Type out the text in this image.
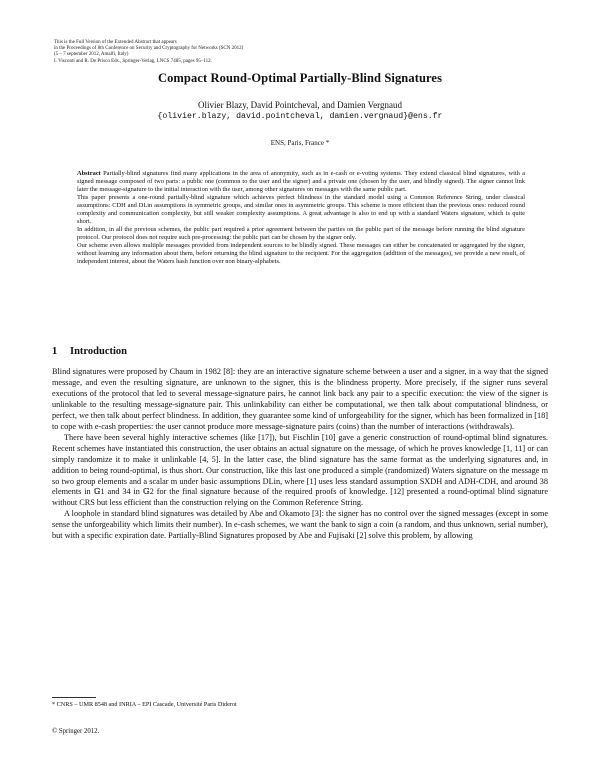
This is the Full Version of the Extended Abstract that appears
in the Proceedings of 8th Conference on Security and Cryptography for Networks (SCN 2012)
(5 – 7 september 2012, Amalfi, Italy)
I. Visconti and R. De Prisco Eds., Springer-Verlag, LNCS 7485, pages 95–112.
Compact Round-Optimal Partially-Blind Signatures
Olivier Blazy, David Pointcheval, and Damien Vergnaud
{olivier.blazy, david.pointcheval, damien.vergnaud}@ens.fr
ENS, Paris, France *

Abstract Partially-blind signatures find many applications in the area of anonymity, such as in e-cash or e-voting systems. They extend classical blind signatures, with a signed message composed of two parts: a public one (common to the user and the signer) and a private one (chosen by the user, and blindly signed). The signer cannot link later the message-signature to the initial interaction with the user, among other signatures on messages with the same public part.

This paper presents a one-round partially-blind signature which achieves perfect blindness in the standard model using a Common Reference String, under classical assumptions: CDH and DLin assumptions in symmetric groups, and similar ones in asymmetric groups. This scheme is more efficient than the previous ones: reduced round complexity and communication complexity, but still weaker complexity assumptions. A great advantage is also to end up with a standard Waters signature, which is quite short.

In addition, in all the previous schemes, the public part required a prior agreement between the parties on the public part of the message before running the blind signature protocol. Our protocol does not require such pre-processing: the public part can be chosen by the signer only.

Our scheme even allows multiple messages provided from independent sources to be blindly signed. These messages can either be concatenated or aggregated by the signer, without learning any information about them, before returning the blind signature to the recipient. For the aggregation (addition of the messages), we provide a new result, of independent interest, about the Waters hash function over non binary-alphabets.

1 Introduction

Blind signatures were proposed by Chaum in 1982 [8]: they are an interactive signature scheme between a user and a signer, in a way that the signed message, and even the resulting signature, are unknown to the signer, this is the blindness property. More precisely, if the signer runs several executions of the protocol that led to several message-signature pairs, he cannot link back any pair to a specific execution: the view of the signer is unlinkable to the resulting message-signature pair. This unlinkability can either be computational, we then talk about computational blindness, or perfect, we then talk about perfect blindness. In addition, they guarantee some kind of unforgeability for the signer, which has been formalized in [18] to cope with e-cash properties: the user cannot produce more message-signature pairs (coins) than the number of interactions (withdrawals).

There have been several highly interactive schemes (like [17]), but Fischlin [10] gave a generic construction of round-optimal blind signatures. Recent schemes have instantiated this construction, the user obtains an actual signature on the message, of which he proves knowledge [1, 11] or can simply randomize it to make it unlinkable [4, 5]. In the latter case, the blind signature has the same format as the underlying signatures and, in addition to being round-optimal, is thus short. Our construction, like this last one produced a simple (randomized) Waters signature on the message m so two group elements and a scalar m under basic assumptions DLin, where [1] uses less standard assumption SXDH and ADH-CDH, and around 38 elements in 𝔾1 and 34 in 𝔾2 for the final signature because of the required proofs of knowledge. [12] presented a round-optimal blind signature without CRS but less efficient than the construction relying on the Common Reference String.

A loophole in standard blind signatures was detailed by Abe and Okamoto [3]: the signer has no control over the signed messages (except in some sense the unforgeability which limits their number). In e-cash schemes, we want the bank to sign a coin (a random, and thus unknown, serial number), but with a specific expiration date. Partially-Blind Signatures proposed by Abe and Fujisaki [2] solve this problem, by allowing

* CNRS – UMR 8548 and INRIA – EPI Cascade, Université Paris Diderot
© Springer 2012.
